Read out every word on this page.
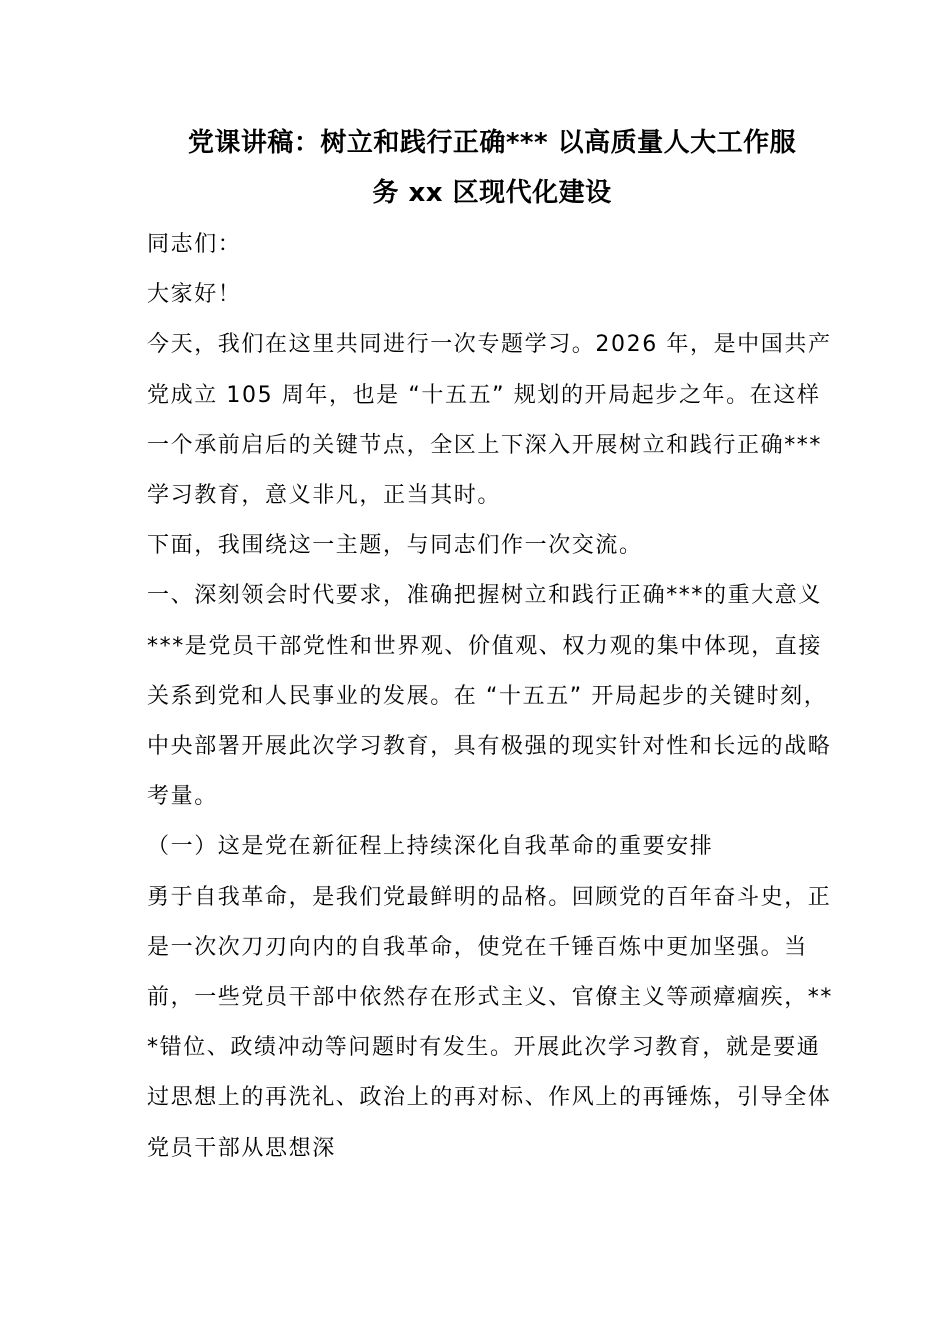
党课讲稿：树立和践行正确*** 以高质量人大工作服

务 xx 区现代化建设

同志们：

大家好！

今天，我们在这里共同进行一次专题学习。2026 年，是中国共产党成立 105 周年，也是 “十五五” 规划的开局起步之年。在这样一个承前启后的关键节点，全区上下深入开展树立和践行正确***学习教育，意义非凡，正当其时。

下面，我围绕这一主题，与同志们作一次交流。

一、深刻领会时代要求，准确把握树立和践行正确***的重大意义

***是党员干部党性和世界观、价值观、权力观的集中体现，直接关系到党和人民事业的发展。在 “十五五” 开局起步的关键时刻，中央部署开展此次学习教育，具有极强的现实针对性和长远的战略考量。

（一）这是党在新征程上持续深化自我革命的重要安排

勇于自我革命，是我们党最鲜明的品格。回顾党的百年奋斗史，正是一次次刀刃向内的自我革命，使党在千锤百炼中更加坚强。当前，一些党员干部中依然存在形式主义、官僚主义等顽瘴痼疾，***错位、政绩冲动等问题时有发生。开展此次学习教育，就是要通过思想上的再洗礼、政治上的再对标、作风上的再锤炼，引导全体党员干部从思想深
